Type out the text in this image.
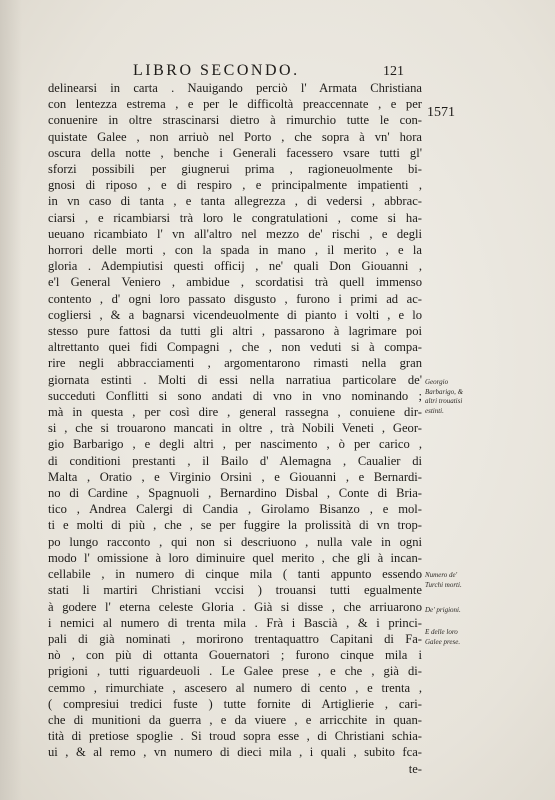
LIBRO SECONDO.	121
1571
delinearsi in carta . Nauigando perciò l' Armata Christiana
con lentezza estrema , e per le difficoltà preaccennate , e per
conuenire in oltre strascinarsi dietro à rimurchio tutte le con-
quistate Galee , non arriuò nel Porto , che sopra à vn' hora
oscura della notte , benche i Generali facessero vsare tutti gl'
sforzi possibili per giugnerui prima , ragioneuolmente bi-
gnosi di riposo , e di respiro , e principalmente impatienti ,
in vn caso di tanta , e tanta allegrezza , di vedersi , abbrac-
ciarsi , e ricambiarsi trà loro le congratulationi , come si ha-
ueuano ricambiato l' vn all'altro nel mezzo de' rischi , e degli
horrori delle morti , con la spada in mano , il merito , e la
gloria . Adempiutisi questi officij , ne' quali Don Giouanni ,
e'l General Veniero , ambidue , scordatisi trà quell immenso
contento , d' ogni loro passato disgusto , furono i primi ad ac-
cogliersi , & a bagnarsi vicendeuolmente di pianto i volti , e lo
stesso pure fattosi da tutti gli altri , passarono à lagrimare poi
altrettanto quei fidi Compagni , che , non veduti si à compa-
rire negli abbracciamenti , argomentarono rimasti nella gran
giornata estinti . Molti di essi nella narratiua particolare de'
succeduti Conflitti si sono andati di vno in vno nominando ;
mà in questa , per così dire , general rassegna , conuiene dir-
si , che si trouarono mancati in oltre , trà Nobili Veneti , Geor-
gio Barbarigo , e degli altri , per nascimento , ò per carico ,
di conditioni prestanti , il Bailo d' Alemagna , Caualier di
Malta , Oratio , e Virginio Orsini , e Giouanni , e Bernardi-
no di Cardine , Spagnuoli , Bernardino Disbal , Conte di Bria-
tico , Andrea Calergi di Candia , Girolamo Bisanzo , e mol-
ti e molti di più , che , se per fuggire la prolissità di vn trop-
po lungo racconto , qui non si descriuono , nulla vale in ogni
modo l' omissione à loro diminuire quel merito , che gli à incan-
cellabile , in numero di cinque mila ( tanti appunto essendo
stati li martiri Christiani vccisi ) trouansi tutti egualmente
à godere l' eterna celeste Gloria . Già si disse , che arriuarono
i nemici al numero di trenta mila . Frà i Bascià , & i princi-
pali di già nominati , morirono trentaquattro Capitani di Fa-
nò , con più di ottanta Gouernatori ; furono cinque mila i
prigioni , tutti riguardeuoli . Le Galee prese , e che , già di-
cemmo , rimurchiate , ascesero al numero di cento , e trenta ,
( compresiui tredici fuste ) tutte fornite di Artiglierie , cari-
che di munitioni da guerra , e da viuere , e arricchite in quan-
tità di pretiose spoglie . Si troud sopra esse , di Christiani schia-
ui , & al remo , vn numero di dieci mila , i quali , subito fca-
te-
Georgio Barbarigo, & altri trouatisi estinti.
Numero de' Turchi morti.
De' prigioni.
E delle loro Galee prese.
